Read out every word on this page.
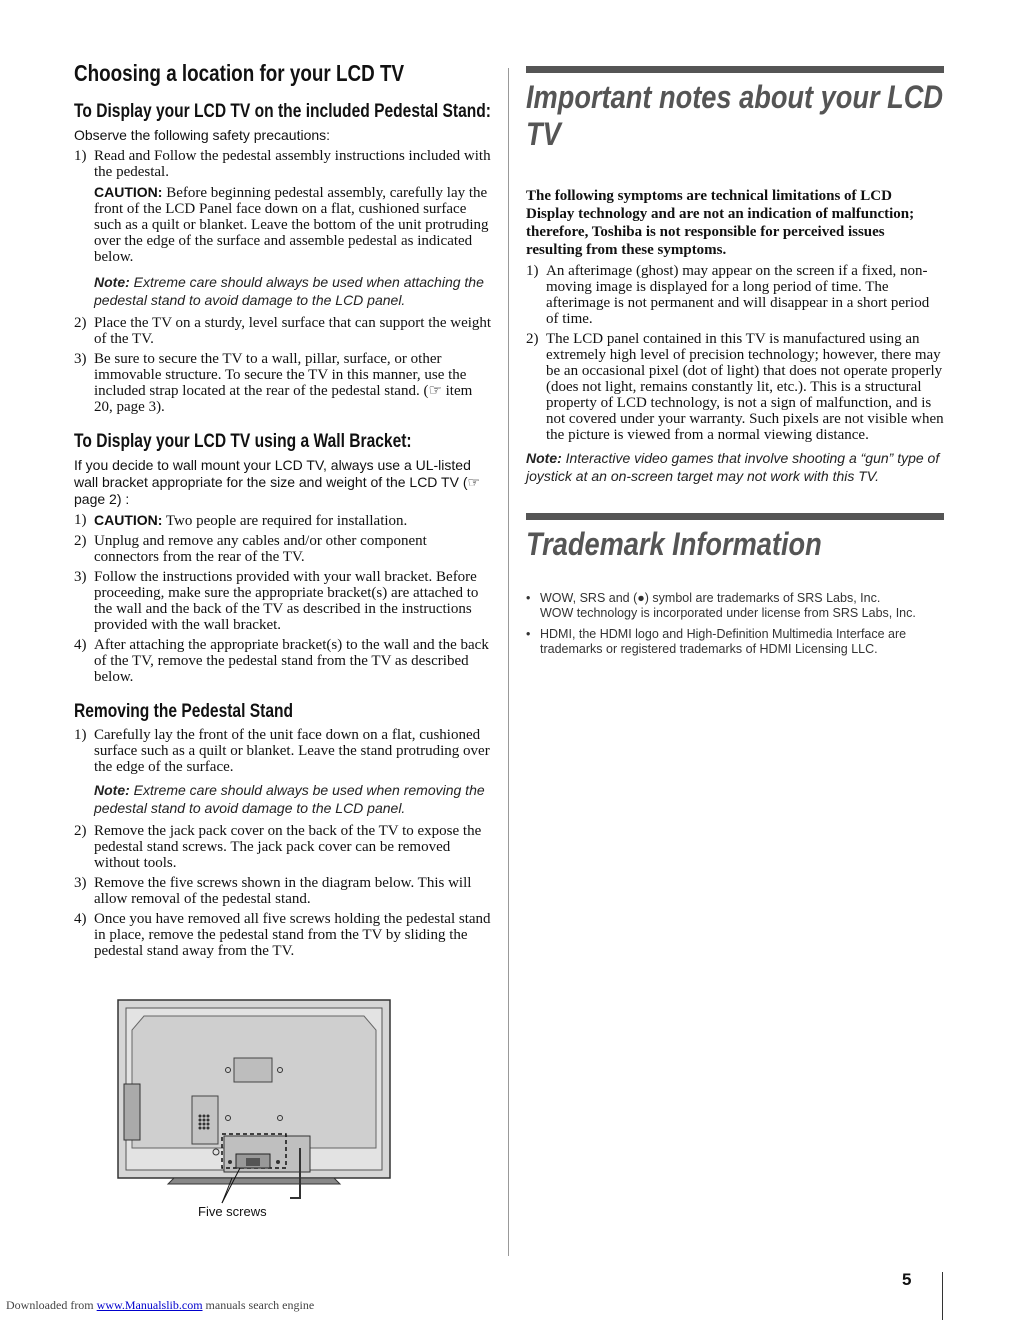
Choosing a location for your LCD TV
To Display your LCD TV on the included Pedestal Stand:

Observe the following safety precautions:

1) Read and Follow the pedestal assembly instructions included with the pedestal.
CAUTION: Before beginning pedestal assembly, carefully lay the front of the LCD Panel face down on a flat, cushioned surface such as a quilt or blanket. Leave the bottom of the unit protruding over the edge of the surface and assemble pedestal as indicated below.
Note: Extreme care should always be used when attaching the pedestal stand to avoid damage to the LCD panel.
2) Place the TV on a sturdy, level surface that can support the weight of the TV.
3) Be sure to secure the TV to a wall, pillar, surface, or other immovable structure. To secure the TV in this manner, use the included strap located at the rear of the pedestal stand. (☞ item 20, page 3).
To Display your LCD TV using a Wall Bracket:

If you decide to wall mount your LCD TV, always use a UL-listed wall bracket appropriate for the size and weight of the LCD TV (☞ page 2) :

1) CAUTION: Two people are required for installation.
2) Unplug and remove any cables and/or other component connectors from the rear of the TV.
3) Follow the instructions provided with your wall bracket. Before proceeding, make sure the appropriate bracket(s) are attached to the wall and the back of the TV as described in the instructions provided with the wall bracket.
4) After attaching the appropriate bracket(s) to the wall and the back of the TV, remove the pedestal stand from the TV as described below.
Removing the Pedestal Stand
1) Carefully lay the front of the unit face down on a flat, cushioned surface such as a quilt or blanket. Leave the stand protruding over the edge of the surface.
Note: Extreme care should always be used when removing the pedestal stand to avoid damage to the LCD panel.
2) Remove the jack pack cover on the back of the TV to expose the pedestal stand screws. The jack pack cover can be removed without tools.
3) Remove the five screws shown in the diagram below. This will allow removal of the pedestal stand.
4) Once you have removed all five screws holding the pedestal stand in place, remove the pedestal stand from the TV by sliding the pedestal stand away from the TV.
Five screws
Important notes about your LCD TV

The following symptoms are technical limitations of LCD Display technology and are not an indication of malfunction; therefore, Toshiba is not responsible for perceived issues resulting from these symptoms.

1) An afterimage (ghost) may appear on the screen if a fixed, non-moving image is displayed for a long period of time. The afterimage is not permanent and will disappear in a short period of time.
2) The LCD panel contained in this TV is manufactured using an extremely high level of precision technology; however, there may be an occasional pixel (dot of light) that does not operate properly (does not light, remains constantly lit, etc.). This is a structural property of LCD technology, is not a sign of malfunction, and is not covered under your warranty. Such pixels are not visible when the picture is viewed from a normal viewing distance.
Note: Interactive video games that involve shooting a “gun” type of joystick at an on-screen target may not work with this TV.
Trademark Information
• WOW, SRS and (●) symbol are trademarks of SRS Labs, Inc.
WOW technology is incorporated under license from SRS Labs, Inc.
• HDMI, the HDMI logo and High-Definition Multimedia Interface are trademarks or registered trademarks of HDMI Licensing LLC.
5
Downloaded from www.Manualslib.com manuals search engine
